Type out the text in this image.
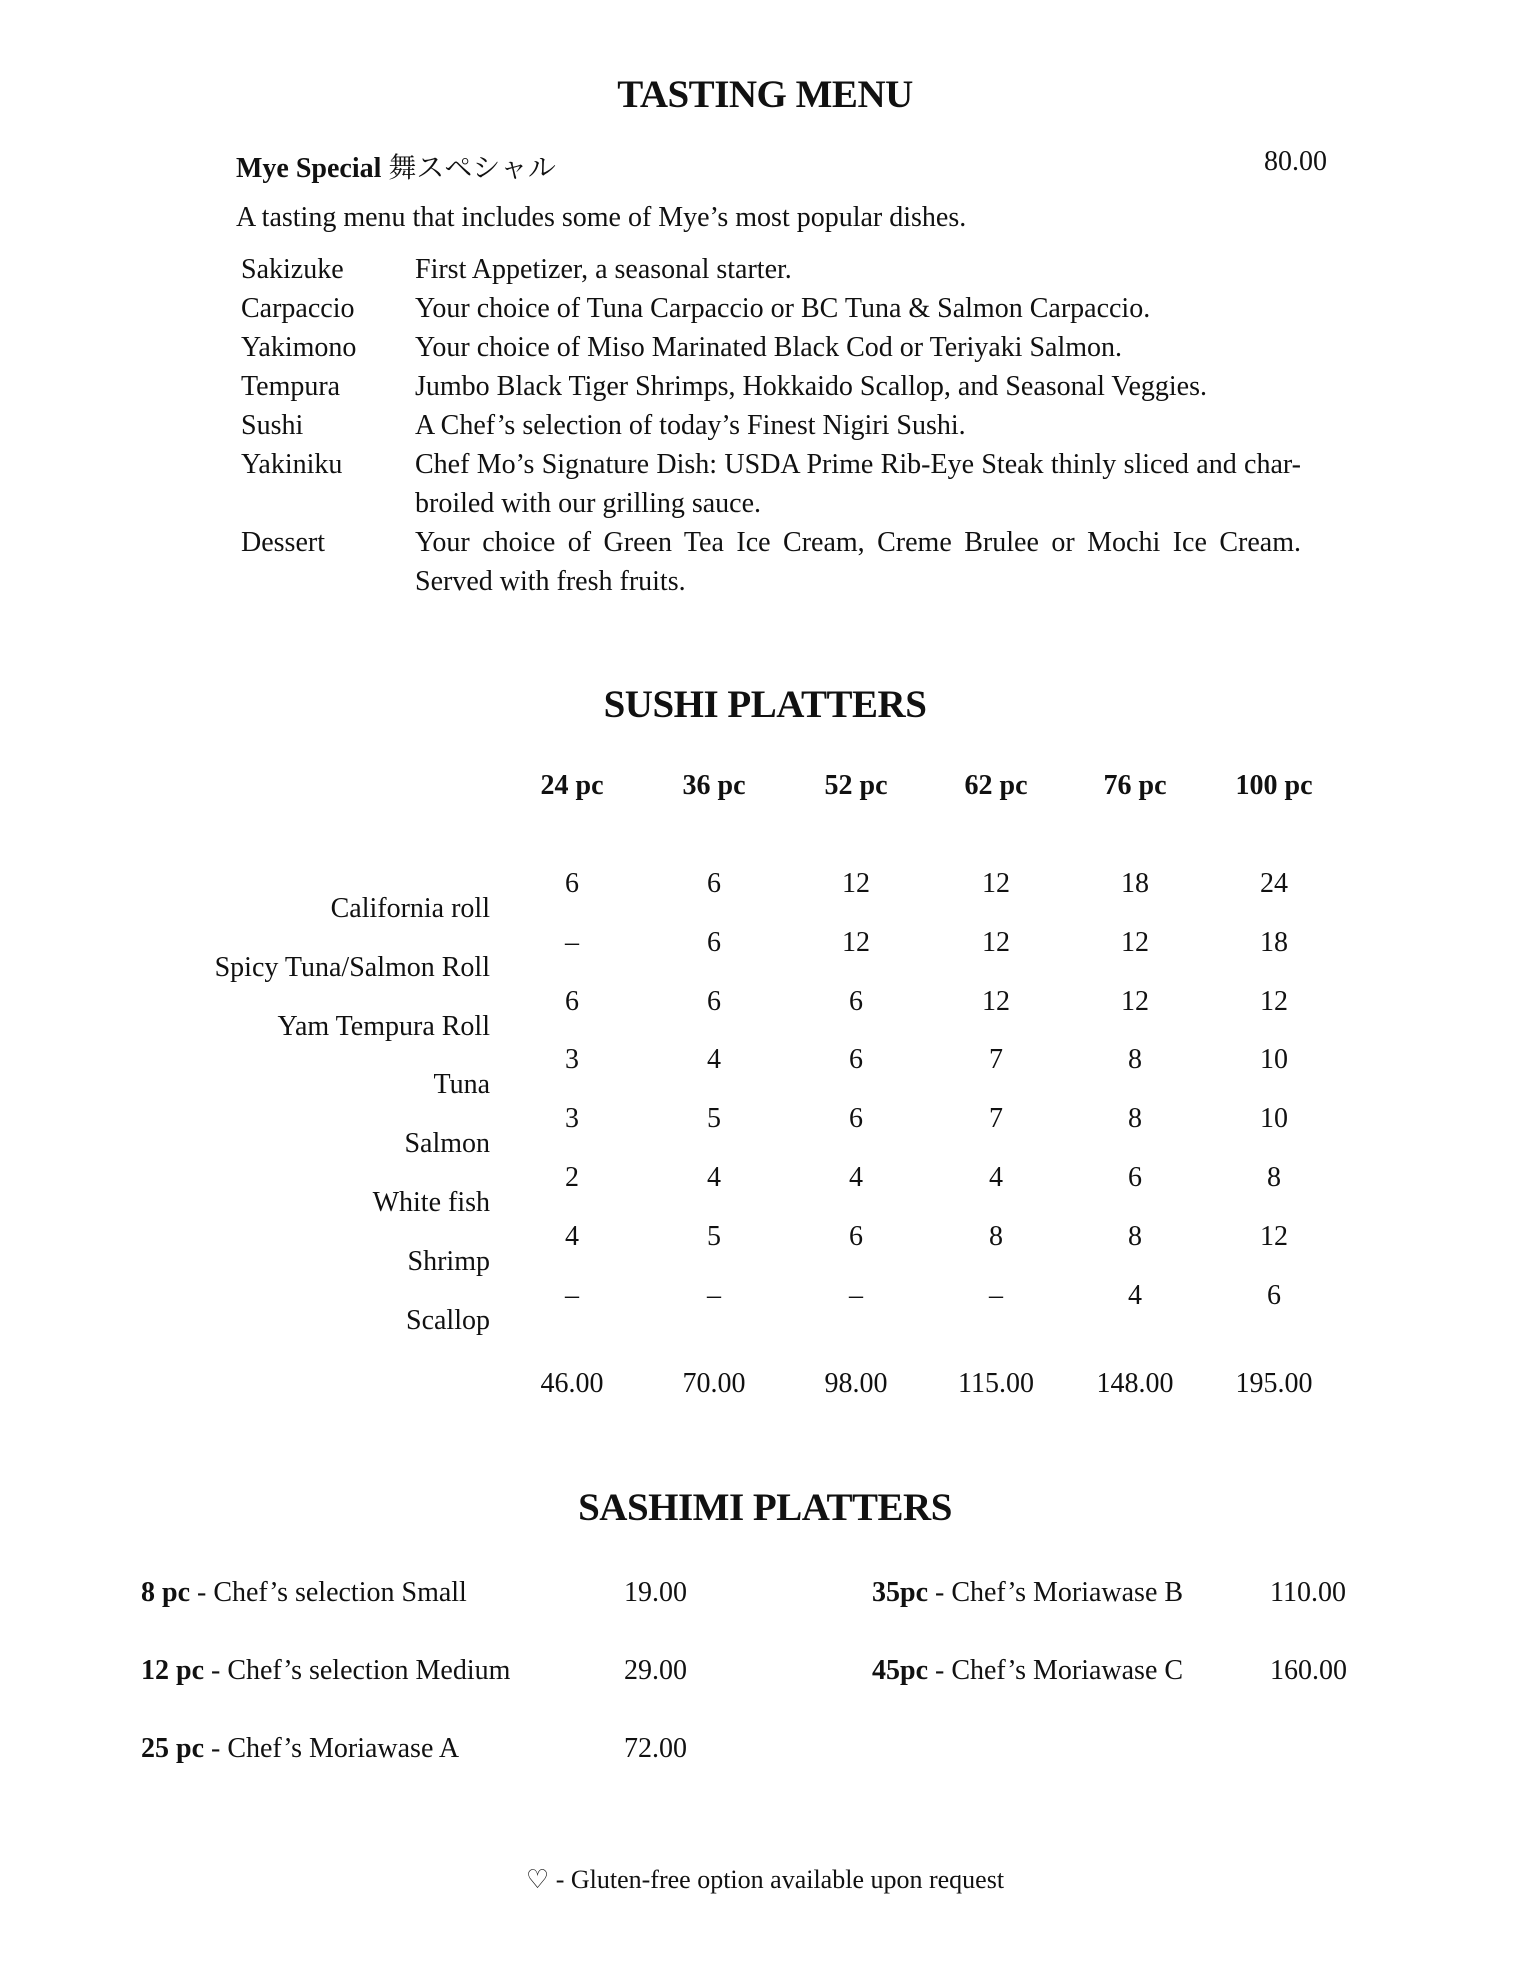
TASTING MENU
Mye Special 舞スペシャル	80.00
A tasting menu that includes some of Mye’s most popular dishes.
Sakizuke	First Appetizer, a seasonal starter.
Carpaccio	Your choice of Tuna Carpaccio or BC Tuna & Salmon Carpaccio.
Yakimono	Your choice of Miso Marinated Black Cod or Teriyaki Salmon.
Tempura	Jumbo Black Tiger Shrimps, Hokkaido Scallop, and Seasonal Veggies.
Sushi	A Chef’s selection of today’s Finest Nigiri Sushi.
Yakiniku	Chef Mo’s Signature Dish: USDA Prime Rib-Eye Steak thinly sliced and char-broiled with our grilling sauce.
Dessert	Your choice of Green Tea Ice Cream, Creme Brulee or Mochi Ice Cream. Served with fresh fruits.
SUSHI PLATTERS
24 pc	36 pc	52 pc	62 pc	76 pc	100 pc
California roll
6	6	12	12	18	24
Spicy Tuna/Salmon Roll
–	6	12	12	12	18
Yam Tempura Roll
6	6	6	12	12	12
Tuna
3	4	6	7	8	10
Salmon
3	5	6	7	8	10
White fish
2	4	4	4	6	8
Shrimp
4	5	6	8	8	12
Scallop
–	–	–	–	4	6
46.00	70.00	98.00	115.00	148.00	195.00
SASHIMI PLATTERS
8 pc - Chef’s selection Small	19.00
12 pc - Chef’s selection Medium	29.00
25 pc - Chef’s Moriawase A	72.00
35pc - Chef’s Moriawase B	110.00
45pc - Chef’s Moriawase C	160.00
♡ - Gluten-free option available upon request
